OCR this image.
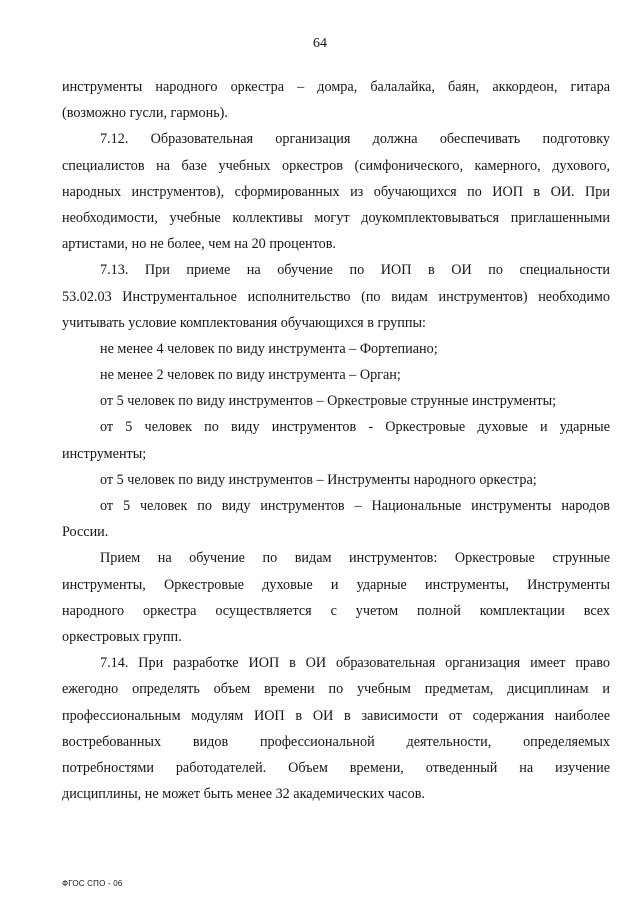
64
инструменты народного оркестра – домра, балалайка, баян, аккордеон, гитара
(возможно гусли, гармонь).
7.12. Образовательная организация должна обеспечивать подготовку
специалистов на базе учебных оркестров (симфонического, камерного, духового,
народных инструментов), сформированных из обучающихся по ИОП в ОИ. При
необходимости, учебные коллективы могут доукомплектовываться приглашенными
артистами, но не более, чем на 20 процентов.
7.13. При приеме на обучение по ИОП в ОИ по специальности
53.02.03 Инструментальное исполнительство (по видам инструментов) необходимо
учитывать условие комплектования обучающихся в группы:
не менее 4 человек по виду инструмента – Фортепиано;
не менее 2 человек по виду инструмента – Орган;
от 5 человек по виду инструментов – Оркестровые струнные инструменты;
от 5 человек по виду инструментов - Оркестровые духовые и ударные
инструменты;
от 5 человек по виду инструментов – Инструменты народного оркестра;
от 5 человек по виду инструментов – Национальные инструменты народов
России.
Прием на обучение по видам инструментов: Оркестровые струнные
инструменты, Оркестровые духовые и ударные инструменты, Инструменты
народного оркестра осуществляется с учетом полной комплектации всех
оркестровых групп.
7.14. При разработке ИОП в ОИ образовательная организация имеет право
ежегодно определять объем времени по учебным предметам, дисциплинам и
профессиональным модулям ИОП в ОИ в зависимости от содержания наиболее
востребованных видов профессиональной деятельности, определяемых
потребностями работодателей. Объем времени, отведенный на изучение
дисциплины, не может быть менее 32 академических часов.
ФГОС СПО - 06
